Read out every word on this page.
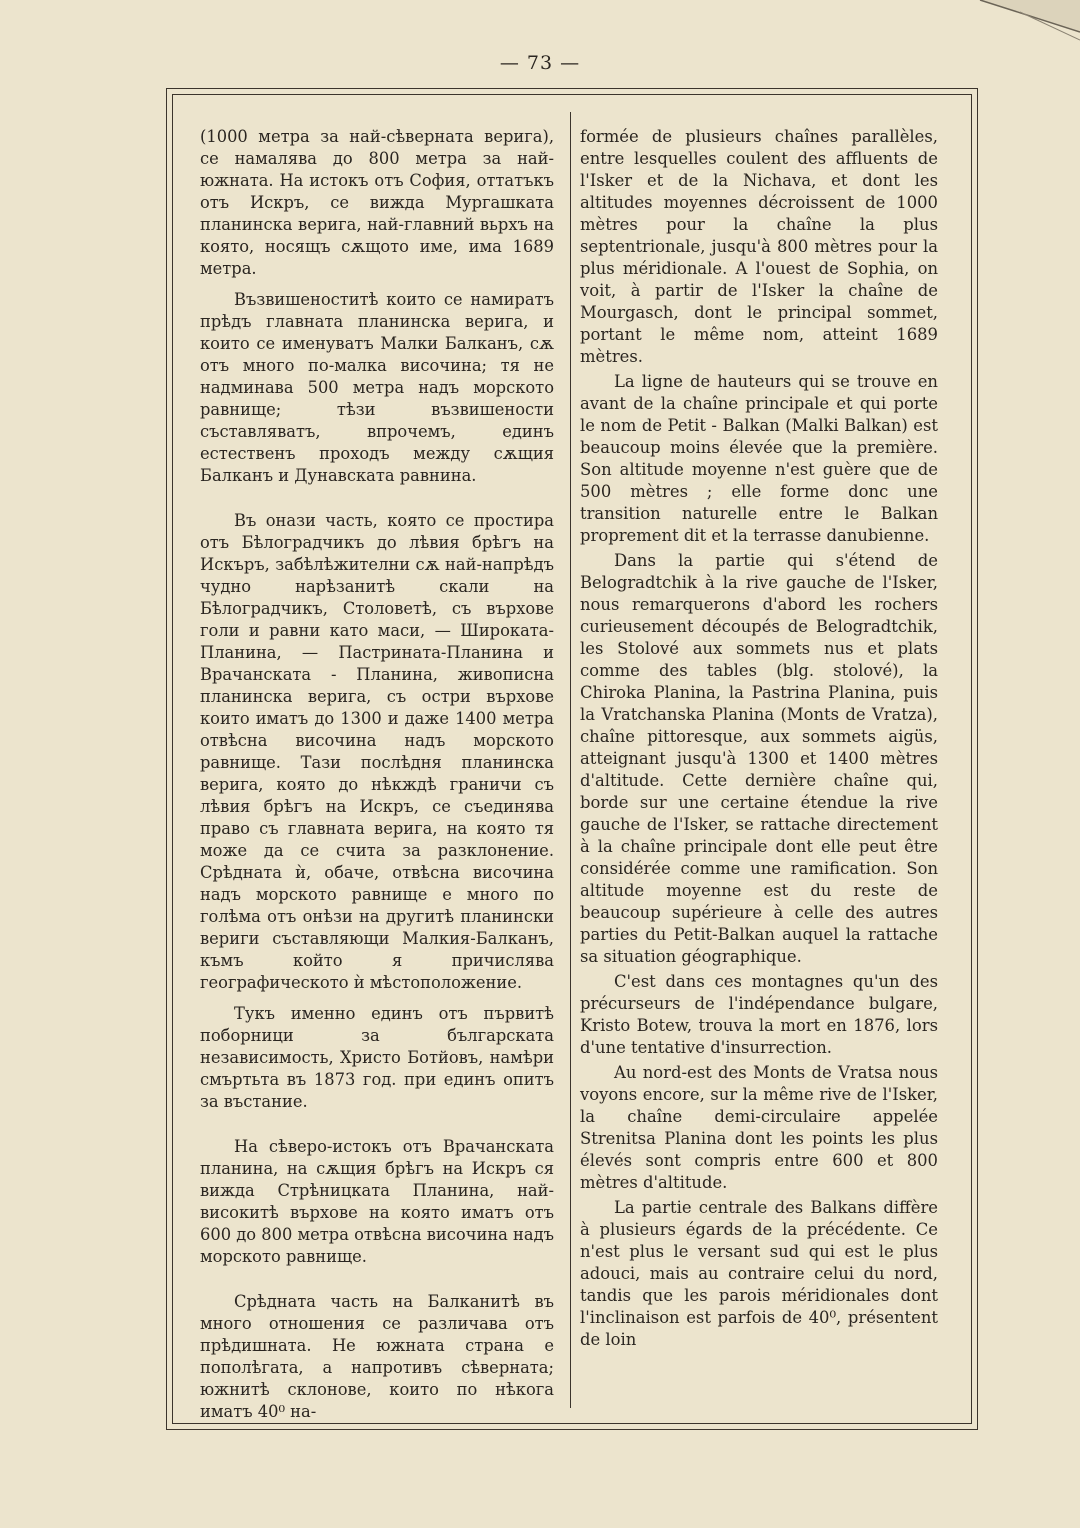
— 73 —

(1000 метра за най-сѣверната верига), се намалява до 800 метра за най-южната. На истокъ отъ София, оттатъкъ отъ Искръ, се вижда Мургашката планинска верига, най-главний вьрхъ на която, носящъ сѫщото име, има 1689 метра.

Възвишеноститѣ които се намиратъ прѣдъ главната планинска верига, и които се именуватъ Малки Балканъ, сѫ отъ много по-малка височина; тя не надминава 500 метра надъ морското равнище; тѣзи възвишености съставляватъ, впрочемъ, единъ естественъ проходъ между сѫщия Балканъ и Дунавската равнина.

Въ онази часть, която се простира отъ Бѣлоградчикъ до лѣвия брѣгъ на Искъръ, забѣлѣжителни сѫ най-напрѣдъ чудно нарѣзанитѣ скали на Бѣлоградчикъ, Столоветѣ, съ върхове голи и равни като маси, — Широката-Планина, — Пастрината-Планина и Врачанската - Планина, живописна планинска верига, съ остри върхове които иматъ до 1300 и даже 1400 метра отвѣсна височина надъ морското равнище. Тази послѣдня планинска верига, която до нѣкждѣ граничи съ лѣвия брѣгъ на Искръ, се съединява право съ главната верига, на която тя може да се счита за разклонение. Срѣдната ѝ, обаче, отвѣсна височина надъ морското равнище е много по голѣма отъ онѣзи на другитѣ планински вериги съставляющи Малкия-Балканъ, къмъ който я причислява географическото ѝ мѣстоположение.

Тукъ именно единъ отъ първитѣ поборници за българската независимость, Христо Ботйовъ, намѣри смъртьта въ 1873 год. при единъ опитъ за въстание.

На сѣверо-истокъ отъ Врачанската планина, на сѫщия брѣгъ на Искръ ся вижда Стрѣницката Планина, най-високитѣ върхове на която иматъ отъ 600 до 800 метра отвѣсна височина надъ морското равнище.

Срѣдната часть на Балканитѣ въ много отношения се различава отъ прѣдишната. Не южната страна е пополѣгата, а напротивъ сѣверната; южнитѣ склонове, които по нѣкога иматъ 40⁰ на-

formée de plusieurs chaînes parallèles, entre lesquelles coulent des affluents de l'Isker et de la Nichava, et dont les altitudes moyennes décroissent de 1000 mètres pour la chaîne la plus septentrionale, jusqu'à 800 mètres pour la plus méridionale. A l'ouest de Sophia, on voit, à partir de l'Isker la chaîne de Mourgasch, dont le principal sommet, portant le même nom, atteint 1689 mètres.

La ligne de hauteurs qui se trouve en avant de la chaîne principale et qui porte le nom de Petit - Balkan (Malki Balkan) est beaucoup moins élevée que la première. Son altitude moyenne n'est guère que de 500 mètres ; elle forme donc une transition naturelle entre le Balkan proprement dit et la terrasse danubienne.

Dans la partie qui s'étend de Belogradtchik à la rive gauche de l'Isker, nous remarquerons d'abord les rochers curieusement découpés de Belogradtchik, les Stolové aux sommets nus et plats comme des tables (blg. stolové), la Chiroka Planina, la Pastrina Planina, puis la Vratchanska Planina (Monts de Vratza), chaîne pittoresque, aux sommets aigüs, atteignant jusqu'à 1300 et 1400 mètres d'altitude. Cette dernière chaîne qui, borde sur une certaine étendue la rive gauche de l'Isker, se rattache directement à la chaîne principale dont elle peut être considérée comme une ramification. Son altitude moyenne est du reste de beaucoup supérieure à celle des autres parties du Petit-Balkan auquel la rattache sa situation géographique.

C'est dans ces montagnes qu'un des précurseurs de l'indépendance bulgare, Kristo Botew, trouva la mort en 1876, lors d'une tentative d'insurrection.

Au nord-est des Monts de Vratsa nous voyons encore, sur la même rive de l'Isker, la chaîne demi-circulaire appelée Strenitsa Planina dont les points les plus élevés sont compris entre 600 et 800 mètres d'altitude.

La partie centrale des Balkans diffère à plusieurs égards de la précédente. Ce n'est plus le versant sud qui est le plus adouci, mais au contraire celui du nord, tandis que les parois méridionales dont l'inclinaison est parfois de 40⁰, présentent de loin
